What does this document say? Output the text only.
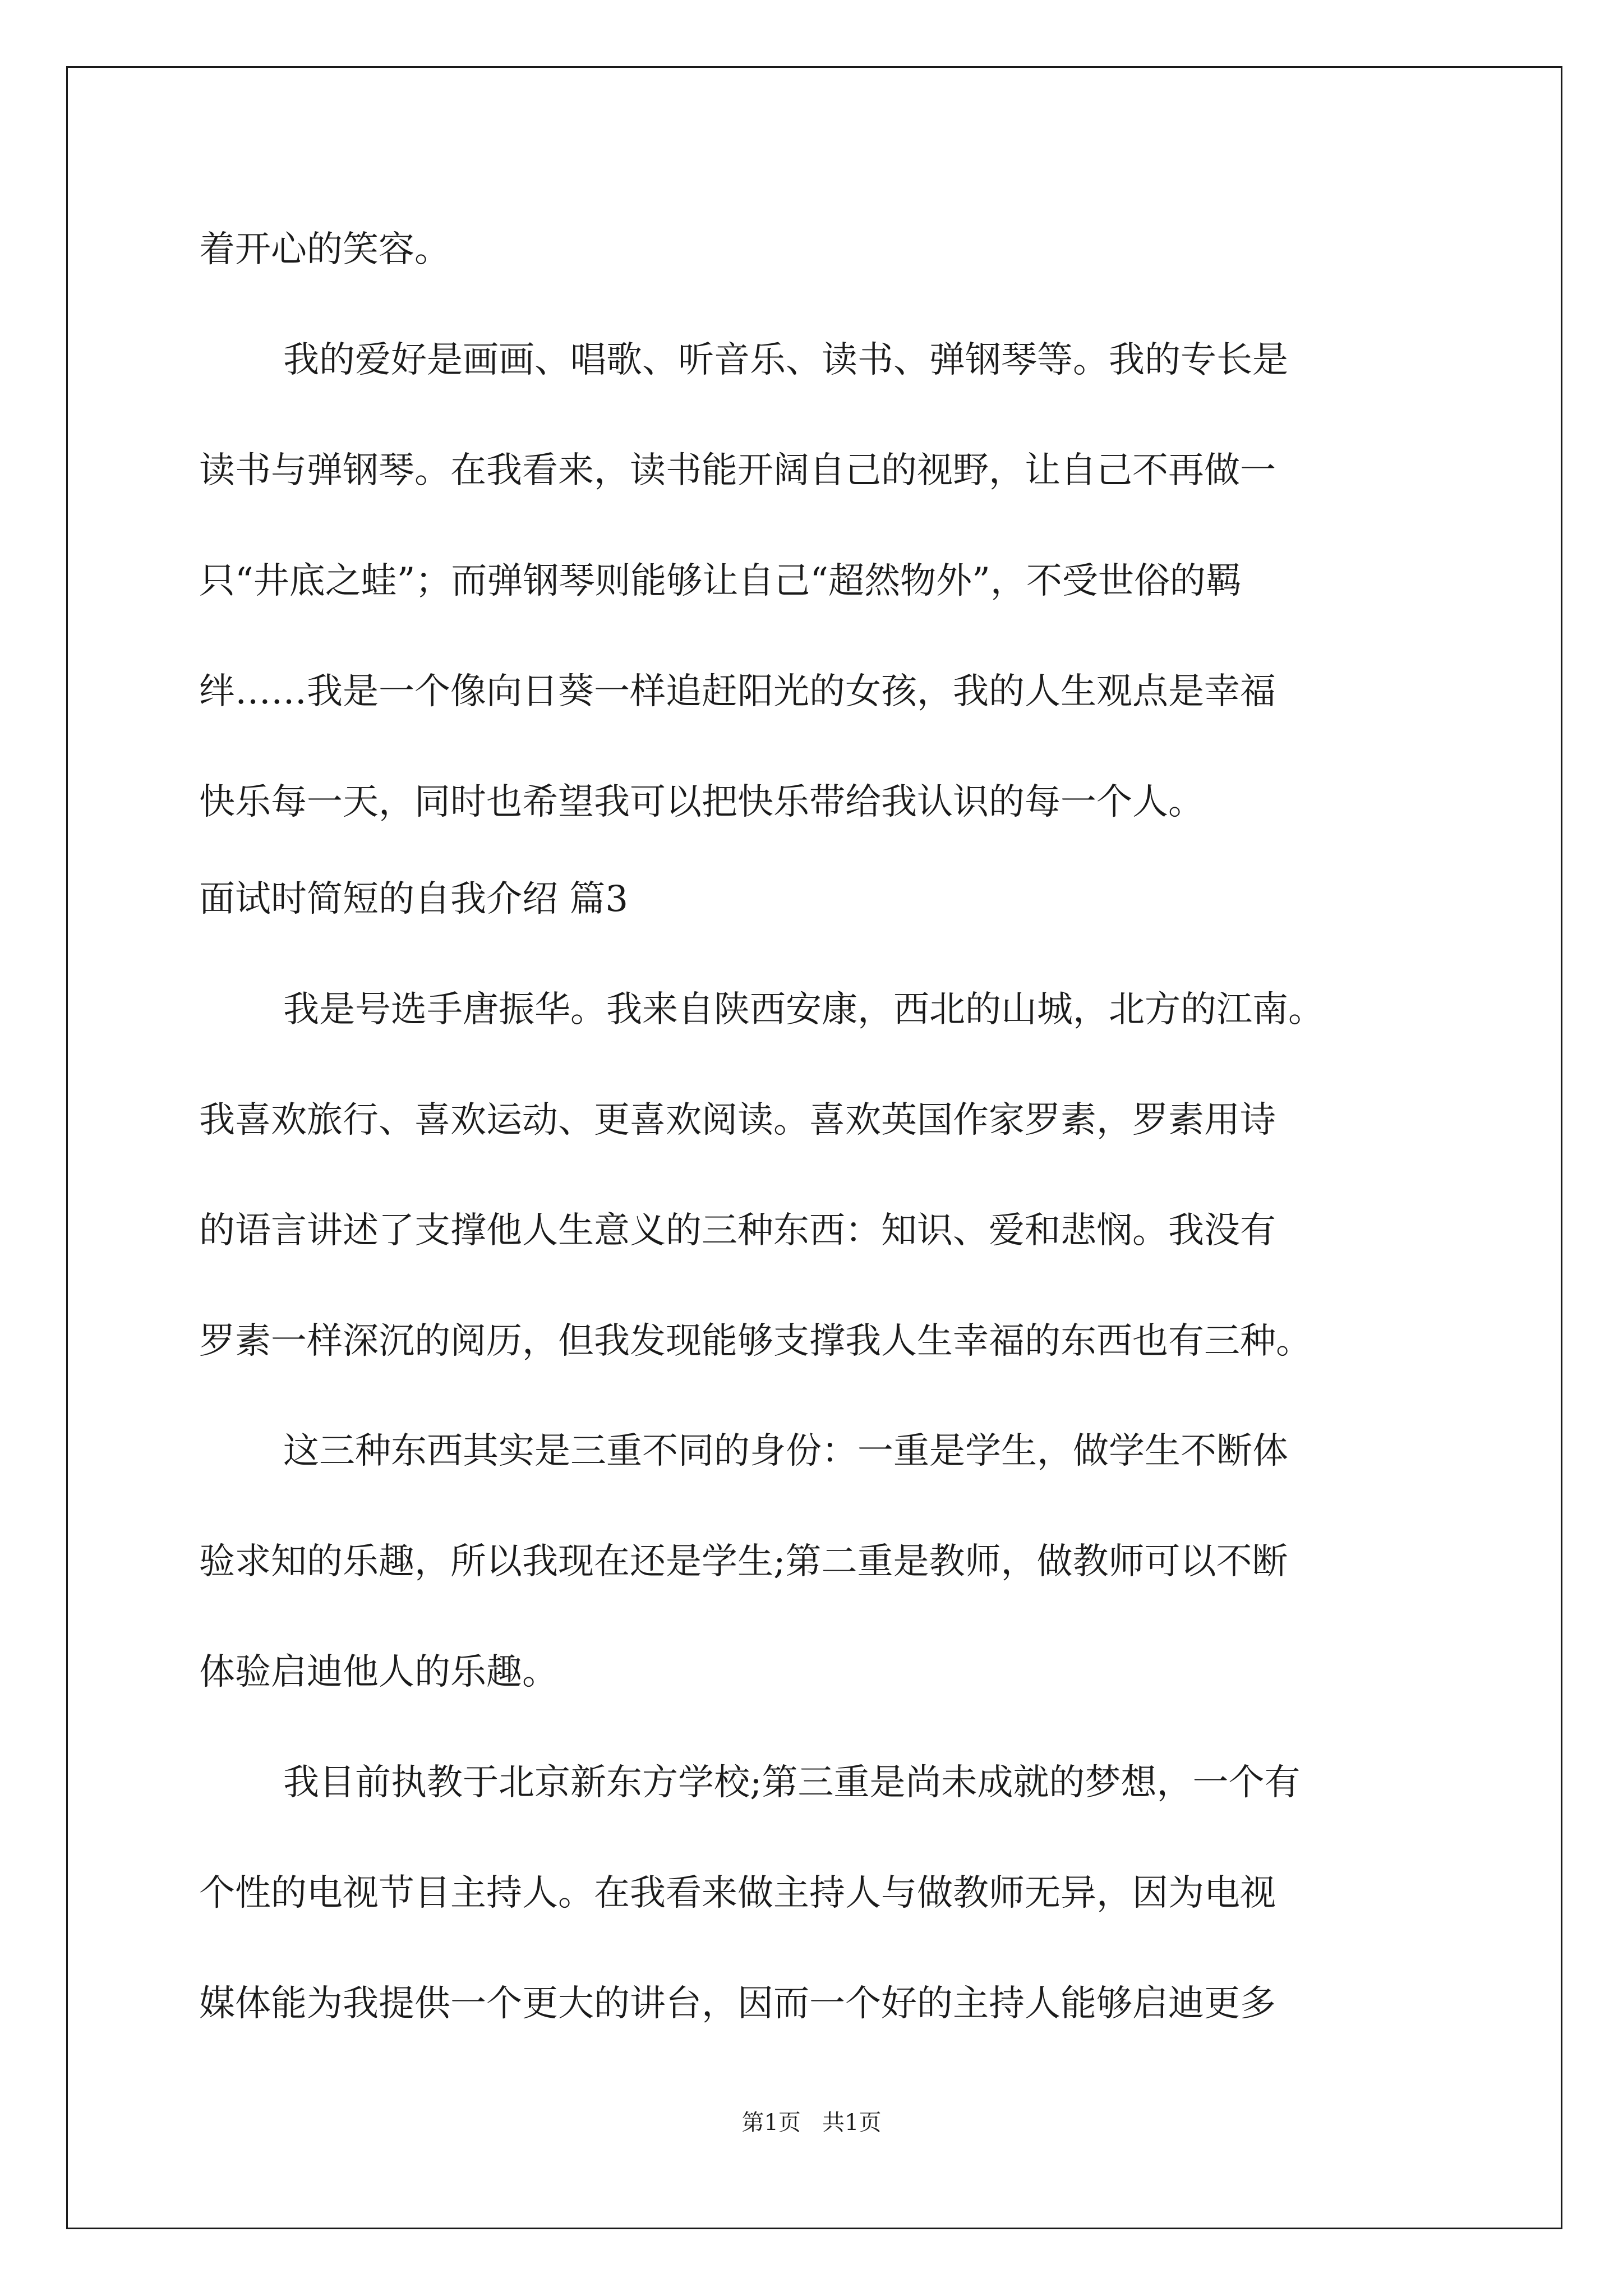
着开心的笑容。
我的爱好是画画、唱歌、听音乐、读书、弹钢琴等。我的专长是
读书与弹钢琴。在我看来，读书能开阔自己的视野，让自己不再做一
只“井底之蛙”；而弹钢琴则能够让自己“超然物外”，不受世俗的羁
绊……我是一个像向日葵一样追赶阳光的女孩，我的人生观点是幸福
快乐每一天，同时也希望我可以把快乐带给我认识的每一个人。
面试时简短的自我介绍 篇3
我是号选手唐振华。我来自陕西安康，西北的山城，北方的江南。
我喜欢旅行、喜欢运动、更喜欢阅读。喜欢英国作家罗素，罗素用诗
的语言讲述了支撑他人生意义的三种东西：知识、爱和悲悯。我没有
罗素一样深沉的阅历，但我发现能够支撑我人生幸福的东西也有三种。
这三种东西其实是三重不同的身份：一重是学生，做学生不断体
验求知的乐趣，所以我现在还是学生;第二重是教师，做教师可以不断
体验启迪他人的乐趣。
我目前执教于北京新东方学校;第三重是尚未成就的梦想，一个有
个性的电视节目主持人。在我看来做主持人与做教师无异，因为电视
媒体能为我提供一个更大的讲台，因而一个好的主持人能够启迪更多
第1页   共1页
